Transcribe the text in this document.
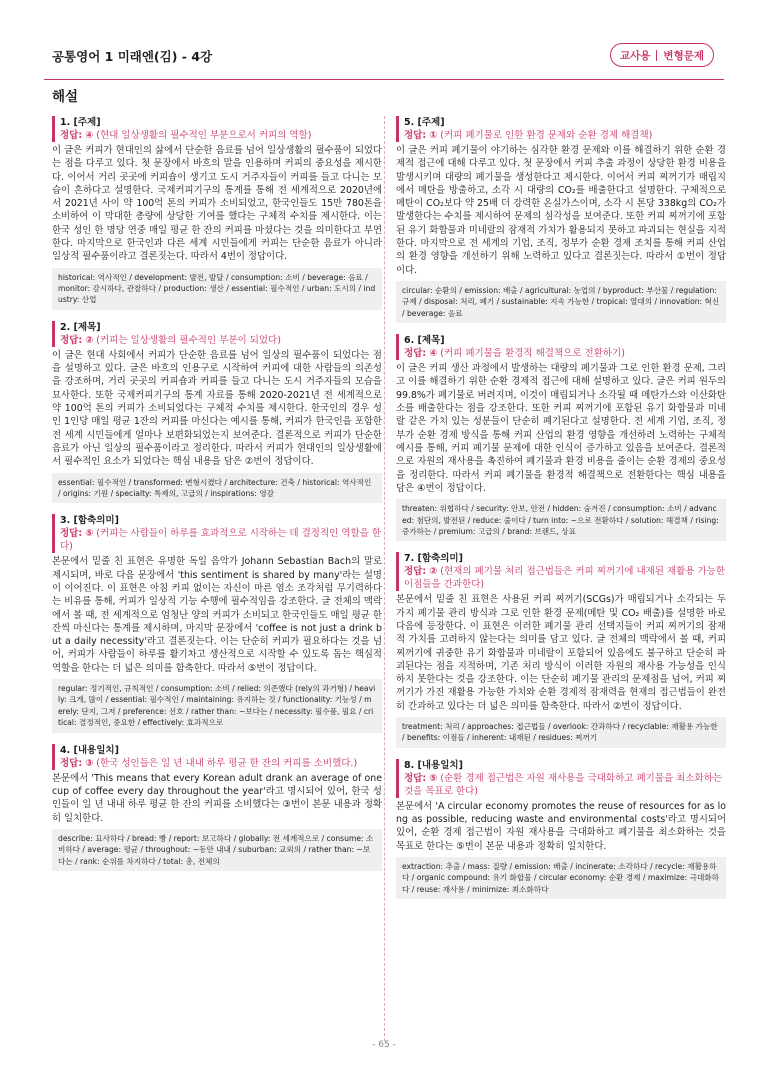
공통영어 1 미래엔(김) - 4강	교사용 변형문제
해설
1. [주제]
정답: ④ (현대 일상생활의 필수적인 부분으로서 커피의 역할)
이 글은 커피가 현대인의 삶에서 단순한 음료를 넘어 일상생활의 필수품이 되었다는 점을 다루고 있다. 첫 문장에서 바흐의 말을 인용하며 커피의 중요성을 제시한다. 이어서 거리 곳곳에 커피숍이 생기고 도시 거주자들이 커피를 들고 다니는 모습이 흔하다고 설명한다. 국제커피기구의 통계를 통해 전 세계적으로 2020년에서 2021년 사이 약 100억 톤의 커피가 소비되었고, 한국인들도 15만 780톤을 소비하여 이 막대한 총량에 상당한 기여를 했다는 구체적 수치를 제시한다. 이는 한국 성인 한 명당 연중 매일 평균 한 잔의 커피를 마셨다는 것을 의미한다고 부연한다. 마지막으로 한국인과 다른 세계 시민들에게 커피는 단순한 음료가 아니라 일상적 필수품이라고 결론짓는다. 따라서 4번이 정답이다.
historical: 역사적인 / development: 발전, 발달 / consumption: 소비 / beverage: 음료 / monitor: 감시하다, 관찰하다 / production: 생산 / essential: 필수적인 / urban: 도시의 / industry: 산업
2. [제목]
정답: ② (커피는 일상생활의 필수적인 부분이 되었다)
이 글은 현대 사회에서 커피가 단순한 음료를 넘어 일상의 필수품이 되었다는 점을 설명하고 있다. 글은 바흐의 인용구로 시작하여 커피에 대한 사람들의 의존성을 강조하며, 거리 곳곳의 커피숍과 커피를 들고 다니는 도시 거주자들의 모습을 묘사한다. 또한 국제커피기구의 통계 자료를 통해 2020-2021년 전 세계적으로 약 100억 톤의 커피가 소비되었다는 구체적 수치를 제시한다. 한국인의 경우 성인 1인당 매일 평균 1잔의 커피를 마신다는 예시를 통해, 커피가 한국인을 포함한 전 세계 시민들에게 얼마나 보편화되었는지 보여준다. 결론적으로 커피가 단순한 음료가 아닌 일상의 필수품이라고 정리한다. 따라서 커피가 현대인의 일상생활에서 필수적인 요소가 되었다는 핵심 내용을 담은 ②번이 정답이다.
essential: 필수적인 / transformed: 변형시켰다 / architecture: 건축 / historical: 역사적인 / origins: 기원 / specialty: 특제의, 고급의 / inspirations: 영감
3. [함축의미]
정답: ⑤ (커피는 사람들이 하루를 효과적으로 시작하는 데 결정적인 역할을 한다)
본문에서 밑줄 친 표현은 유명한 독일 음악가 Johann Sebastian Bach의 말로 제시되며, 바로 다음 문장에서 'this sentiment is shared by many'라는 설명이 이어진다. 이 표현은 아침 커피 없이는 자신이 마른 염소 조각처럼 무기력하다는 비유를 통해, 커피가 일상적 기능 수행에 필수적임을 강조한다. 글 전체의 맥락에서 볼 때, 전 세계적으로 엄청난 양의 커피가 소비되고 한국인들도 매일 평균 한 잔씩 마신다는 통계를 제시하며, 마지막 문장에서 'coffee is not just a drink but a daily necessity'라고 결론짓는다. 이는 단순히 커피가 필요하다는 것을 넘어, 커피가 사람들이 하루를 활기차고 생산적으로 시작할 수 있도록 돕는 핵심적 역할을 한다는 더 넓은 의미를 함축한다. 따라서 ⑤번이 정답이다.
regular: 정기적인, 규칙적인 / consumption: 소비 / relied: 의존했다 (rely의 과거형) / heavily: 크게, 많이 / essential: 필수적인 / maintaining: 유지하는 것 / functionality: 기능성 / merely: 단지, 그저 / preference: 선호 / rather than: ~보다는 / necessity: 필수품, 필요 / critical: 결정적인, 중요한 / effectively: 효과적으로
4. [내용일치]
정답: ③ (한국 성인들은 일 년 내내 하루 평균 한 잔의 커피를 소비했다.)
본문에서 'This means that every Korean adult drank an average of one cup of coffee every day throughout the year'라고 명시되어 있어, 한국 성인들이 일 년 내내 하루 평균 한 잔의 커피를 소비했다는 ③번이 본문 내용과 정확히 일치한다.
describe: 묘사하다 / bread: 빵 / report: 보고하다 / globally: 전 세계적으로 / consume: 소비하다 / average: 평균 / throughout: ~동안 내내 / suburban: 교외의 / rather than: ~보다는 / rank: 순위를 차지하다 / total: 총, 전체의
5. [주제]
정답: ① (커피 폐기물로 인한 환경 문제와 순환 경제 해결책)
이 글은 커피 폐기물이 야기하는 심각한 환경 문제와 이를 해결하기 위한 순환 경제적 접근에 대해 다루고 있다. 첫 문장에서 커피 추출 과정이 상당한 환경 비용을 발생시키며 대량의 폐기물을 생성한다고 제시한다. 이어서 커피 찌꺼기가 매립지에서 메탄을 방출하고, 소각 시 대량의 CO₂를 배출한다고 설명한다. 구체적으로 메탄이 CO₂보다 약 25배 더 강력한 온실가스이며, 소각 시 톤당 338kg의 CO₂가 발생한다는 수치를 제시하여 문제의 심각성을 보여준다. 또한 커피 찌꺼기에 포함된 유기 화합물과 미네랄의 잠재적 가치가 활용되지 못하고 파괴되는 현실을 지적한다. 마지막으로 전 세계의 기업, 조직, 정부가 순환 경제 조치를 통해 커피 산업의 환경 영향을 개선하기 위해 노력하고 있다고 결론짓는다. 따라서 ①번이 정답이다.
circular: 순환의 / emission: 배출 / agricultural: 농업의 / byproduct: 부산물 / regulation: 규제 / disposal: 처리, 폐기 / sustainable: 지속 가능한 / tropical: 열대의 / innovation: 혁신 / beverage: 음료
6. [제목]
정답: ④ (커피 폐기물을 환경적 해결책으로 전환하기)
이 글은 커피 생산 과정에서 발생하는 대량의 폐기물과 그로 인한 환경 문제, 그리고 이를 해결하기 위한 순환 경제적 접근에 대해 설명하고 있다. 글은 커피 원두의 99.8%가 폐기물로 버려지며, 이것이 매립되거나 소각될 때 메탄가스와 이산화탄소를 배출한다는 점을 강조한다. 또한 커피 찌꺼기에 포함된 유기 화합물과 미네랄 같은 가치 있는 성분들이 단순히 폐기된다고 설명한다. 전 세계 기업, 조직, 정부가 순환 경제 방식을 통해 커피 산업의 환경 영향을 개선하려 노력하는 구체적 예시를 통해, 커피 폐기물 문제에 대한 인식이 증가하고 있음을 보여준다. 결론적으로 자원의 재사용을 촉진하여 폐기물과 환경 비용을 줄이는 순환 경제의 중요성을 정리한다. 따라서 커피 폐기물을 환경적 해결책으로 전환한다는 핵심 내용을 담은 ④번이 정답이다.
threaten: 위협하다 / security: 안보, 안전 / hidden: 숨겨진 / consumption: 소비 / advanced: 첨단의, 발전된 / reduce: 줄이다 / turn into: ~으로 전환하다 / solution: 해결책 / rising: 증가하는 / premium: 고급의 / brand: 브랜드, 상표
7. [함축의미]
정답: ② (현재의 폐기물 처리 접근법들은 커피 찌꺼기에 내재된 재활용 가능한 이점들을 간과한다)
본문에서 밑줄 친 표현은 사용된 커피 찌꺼기(SCGs)가 매립되거나 소각되는 두 가지 폐기물 관리 방식과 그로 인한 환경 문제(메탄 및 CO₂ 배출)를 설명한 바로 다음에 등장한다. 이 표현은 이러한 폐기물 관리 선택지들이 커피 찌꺼기의 잠재적 가치를 고려하지 않는다는 의미를 담고 있다. 글 전체의 맥락에서 볼 때, 커피 찌꺼기에 귀중한 유기 화합물과 미네랄이 포함되어 있음에도 불구하고 단순히 파괴된다는 점을 지적하며, 기존 처리 방식이 이러한 자원의 재사용 가능성을 인식하지 못한다는 것을 강조한다. 이는 단순히 폐기물 관리의 문제점을 넘어, 커피 찌꺼기가 가진 재활용 가능한 가치와 순환 경제적 잠재력을 현재의 접근법들이 완전히 간과하고 있다는 더 넓은 의미를 함축한다. 따라서 ②번이 정답이다.
treatment: 처리 / approaches: 접근법들 / overlook: 간과하다 / recyclable: 재활용 가능한 / benefits: 이점들 / inherent: 내재된 / residues: 찌꺼기
8. [내용일치]
정답: ⑤ (순환 경제 접근법은 자원 재사용을 극대화하고 폐기물을 최소화하는 것을 목표로 한다)
본문에서 'A circular economy promotes the reuse of resources for as long as possible, reducing waste and environmental costs'라고 명시되어 있어, 순환 경제 접근법이 자원 재사용을 극대화하고 폐기물을 최소화하는 것을 목표로 한다는 ⑤번이 본문 내용과 정확히 일치한다.
extraction: 추출 / mass: 질량 / emission: 배출 / incinerate: 소각하다 / recycle: 재활용하다 / organic compound: 유기 화합물 / circular economy: 순환 경제 / maximize: 극대화하다 / reuse: 재사용 / minimize: 최소화하다
- 65 -
